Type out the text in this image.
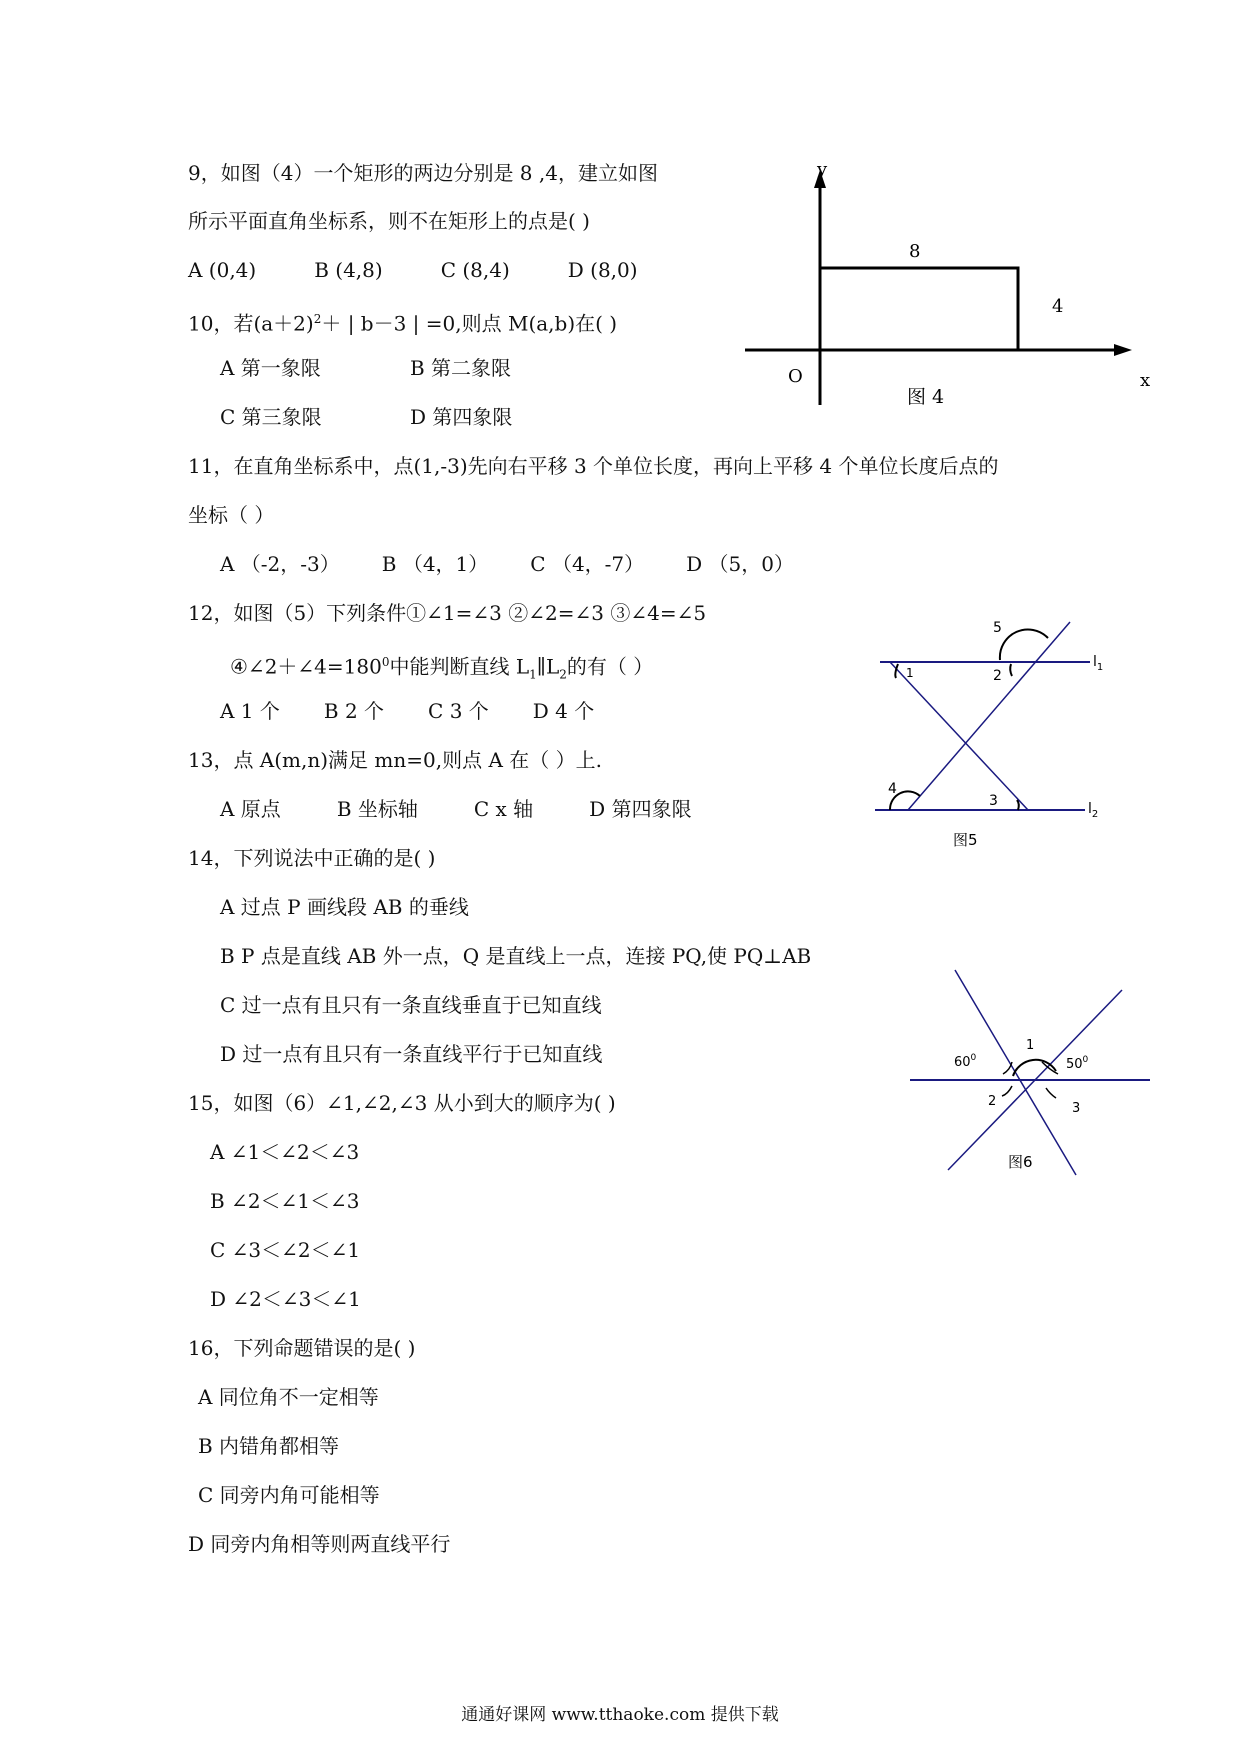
9，如图（4）一个矩形的两边分别是 8 ,4，建立如图
所示平面直角坐标系，则不在矩形上的点是( )
A (0,4)	B (4,8)	C (8,4)	D (8,0)
10，若$(a+2)^2+$ | b－3 | =0,则点 M(a,b)在( )
A 第一象限	B 第二象限
C 第三象限	D 第四象限
11，在直角坐标系中，点(1,-3)先向右平移 3 个单位长度，再向上平移 4 个单位长度后点的
坐标（ ）
A （-2，-3） B （4，1） C （4，-7） D （5，0）
12，如图（5）下列条件①∠1=∠3 ②∠2=∠3 ③∠4=∠5
$④\angle 2+\angle 4=180^0$中能判断直线 $L_1\parallel L_2$的有（ ）
A 1 个 B 2 个 C 3 个 D 4 个
13，点 A(m,n)满足 mn=0,则点 A 在（ ）上.
A 原点	B 坐标轴	C x 轴	D 第四象限
14，下列说法中正确的是( )
A 过点 P 画线段 AB 的垂线
B P 点是直线 AB 外一点，Q 是直线上一点，连接 PQ,使 PQ⊥AB
C 过一点有且只有一条直线垂直于已知直线
D 过一点有且只有一条直线平行于已知直线
15，如图（6）∠1,∠2,∠3 从小到大的顺序为( )
A ∠1＜∠2＜∠3
B ∠2＜∠1＜∠3
C ∠3＜∠2＜∠1
D ∠2＜∠3＜∠1
16，下列命题错误的是( )
A 同位角不一定相等
B 内错角都相等
C 同旁内角可能相等
D 同旁内角相等则两直线平行
y
x
O
8
4
图 4
5
1	2
4
3
$l_1$
$l_2$
图5
$60^0$	$50^0$
1
2	3
图6
通通好课网 www.tthaoke.com 提供下载
